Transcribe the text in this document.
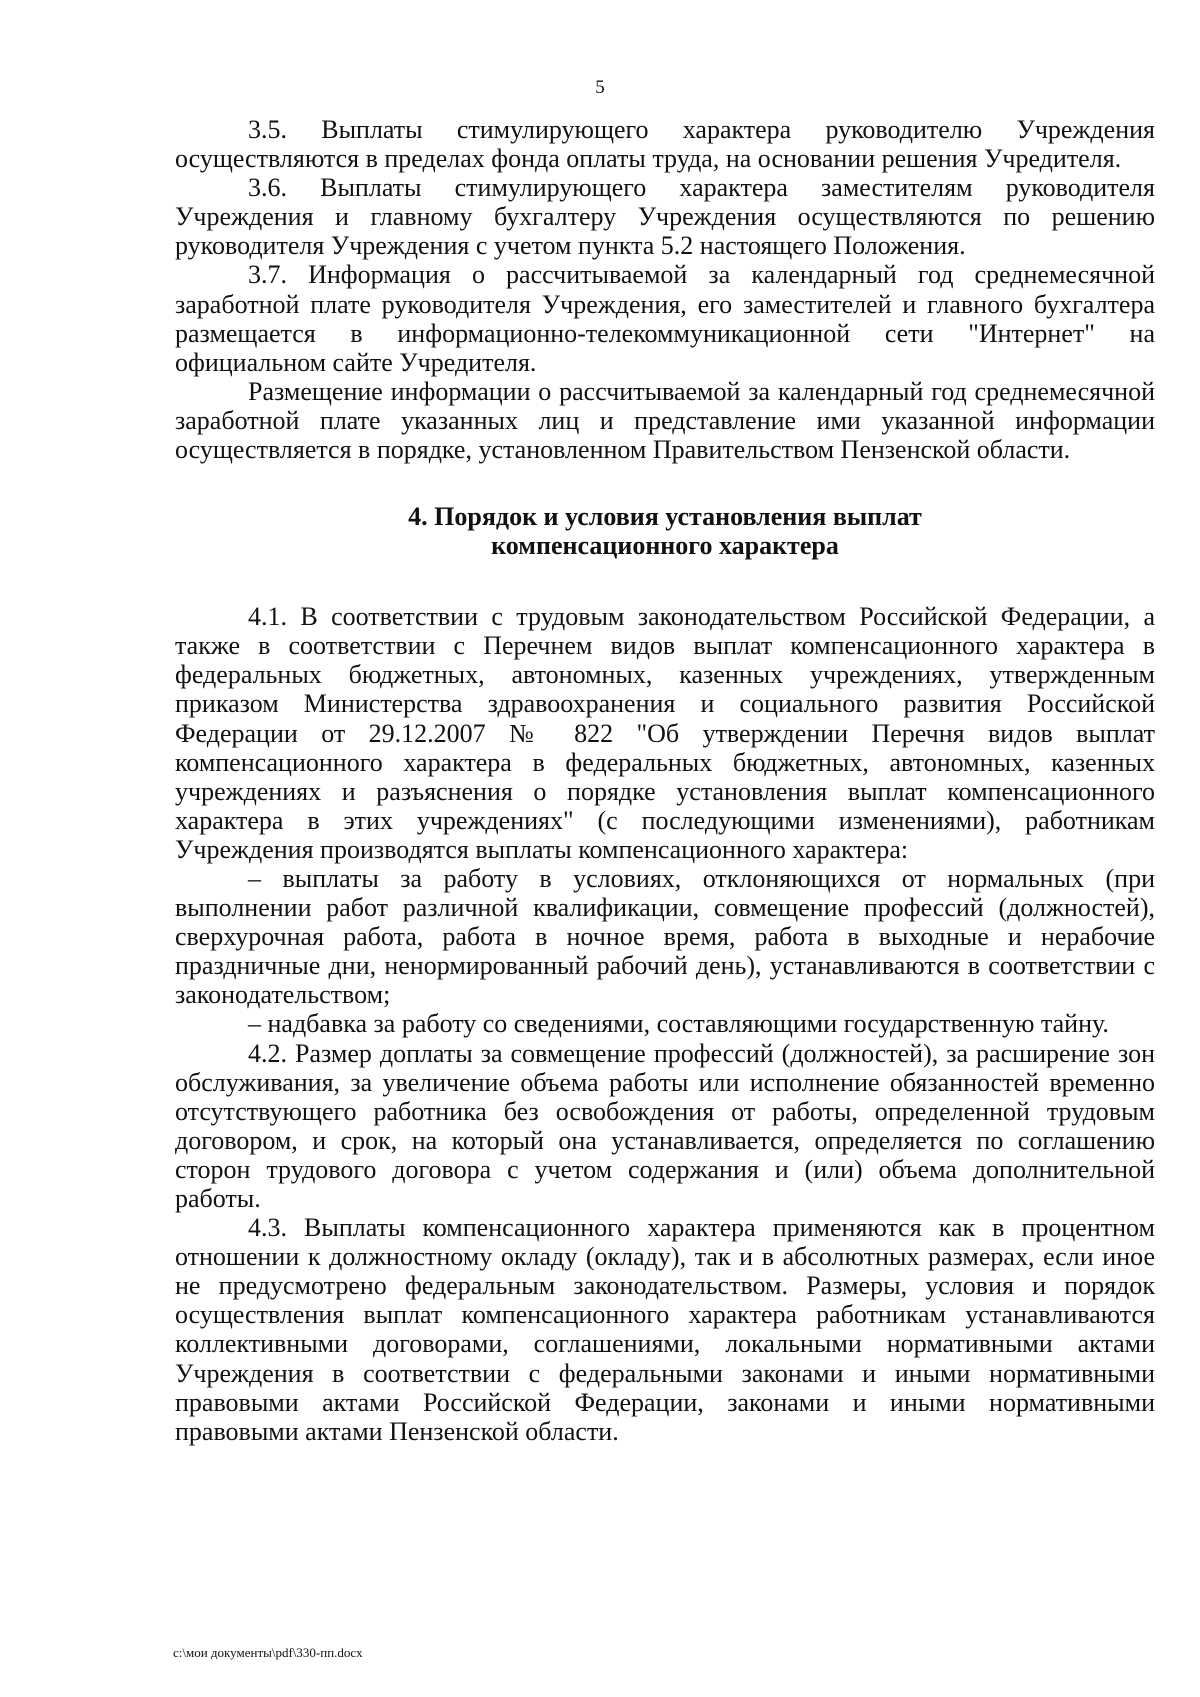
5

3.5. Выплаты стимулирующего характера руководителю Учреждения осуществляются в пределах фонда оплаты труда, на основании решения Учредителя.

3.6. Выплаты стимулирующего характера заместителям руководителя Учреждения и главному бухгалтеру Учреждения осуществляются по решению руководителя Учреждения с учетом пункта 5.2 настоящего Положения.

3.7. Информация о рассчитываемой за календарный год среднемесячной заработной плате руководителя Учреждения, его заместителей и главного бухгалтера размещается в информационно-телекоммуникационной сети "Интернет" на официальном сайте Учредителя.

Размещение информации о рассчитываемой за календарный год среднемесячной заработной плате указанных лиц и представление ими указанной информации осуществляется в порядке, установленном Правительством Пензенской области.

4. Порядок и условия установления выплат
компенсационного характера

4.1. В соответствии с трудовым законодательством Российской Федерации, а также в соответствии с Перечнем видов выплат компенсационного характера в федеральных бюджетных, автономных, казенных учреждениях, утвержденным приказом Министерства здравоохранения и социального развития Российской Федерации от 29.12.2007 № 822 "Об утверждении Перечня видов выплат компенсационного характера в федеральных бюджетных, автономных, казенных учреждениях и разъяснения о порядке установления выплат компенсационного характера в этих учреждениях" (с последующими изменениями), работникам Учреждения производятся выплаты компенсационного характера:

– выплаты за работу в условиях, отклоняющихся от нормальных (при выполнении работ различной квалификации, совмещение профессий (должностей), сверхурочная работа, работа в ночное время, работа в выходные и нерабочие праздничные дни, ненормированный рабочий день), устанавливаются в соответствии с законодательством;

– надбавка за работу со сведениями, составляющими государственную тайну.

4.2. Размер доплаты за совмещение профессий (должностей), за расширение зон обслуживания, за увеличение объема работы или исполнение обязанностей временно отсутствующего работника без освобождения от работы, определенной трудовым договором, и срок, на который она устанавливается, определяется по соглашению сторон трудового договора с учетом содержания и (или) объема дополнительной работы.

4.3. Выплаты компенсационного характера применяются как в процентном отношении к должностному окладу (окладу), так и в абсолютных размерах, если иное не предусмотрено федеральным законодательством. Размеры, условия и порядок осуществления выплат компенсационного характера работникам устанавливаются коллективными договорами, соглашениями, локальными нормативными актами Учреждения в соответствии с федеральными законами и иными нормативными правовыми актами Российской Федерации, законами и иными нормативными правовыми актами Пензенской области.

c:\мои документы\pdf\330-пп.docx
